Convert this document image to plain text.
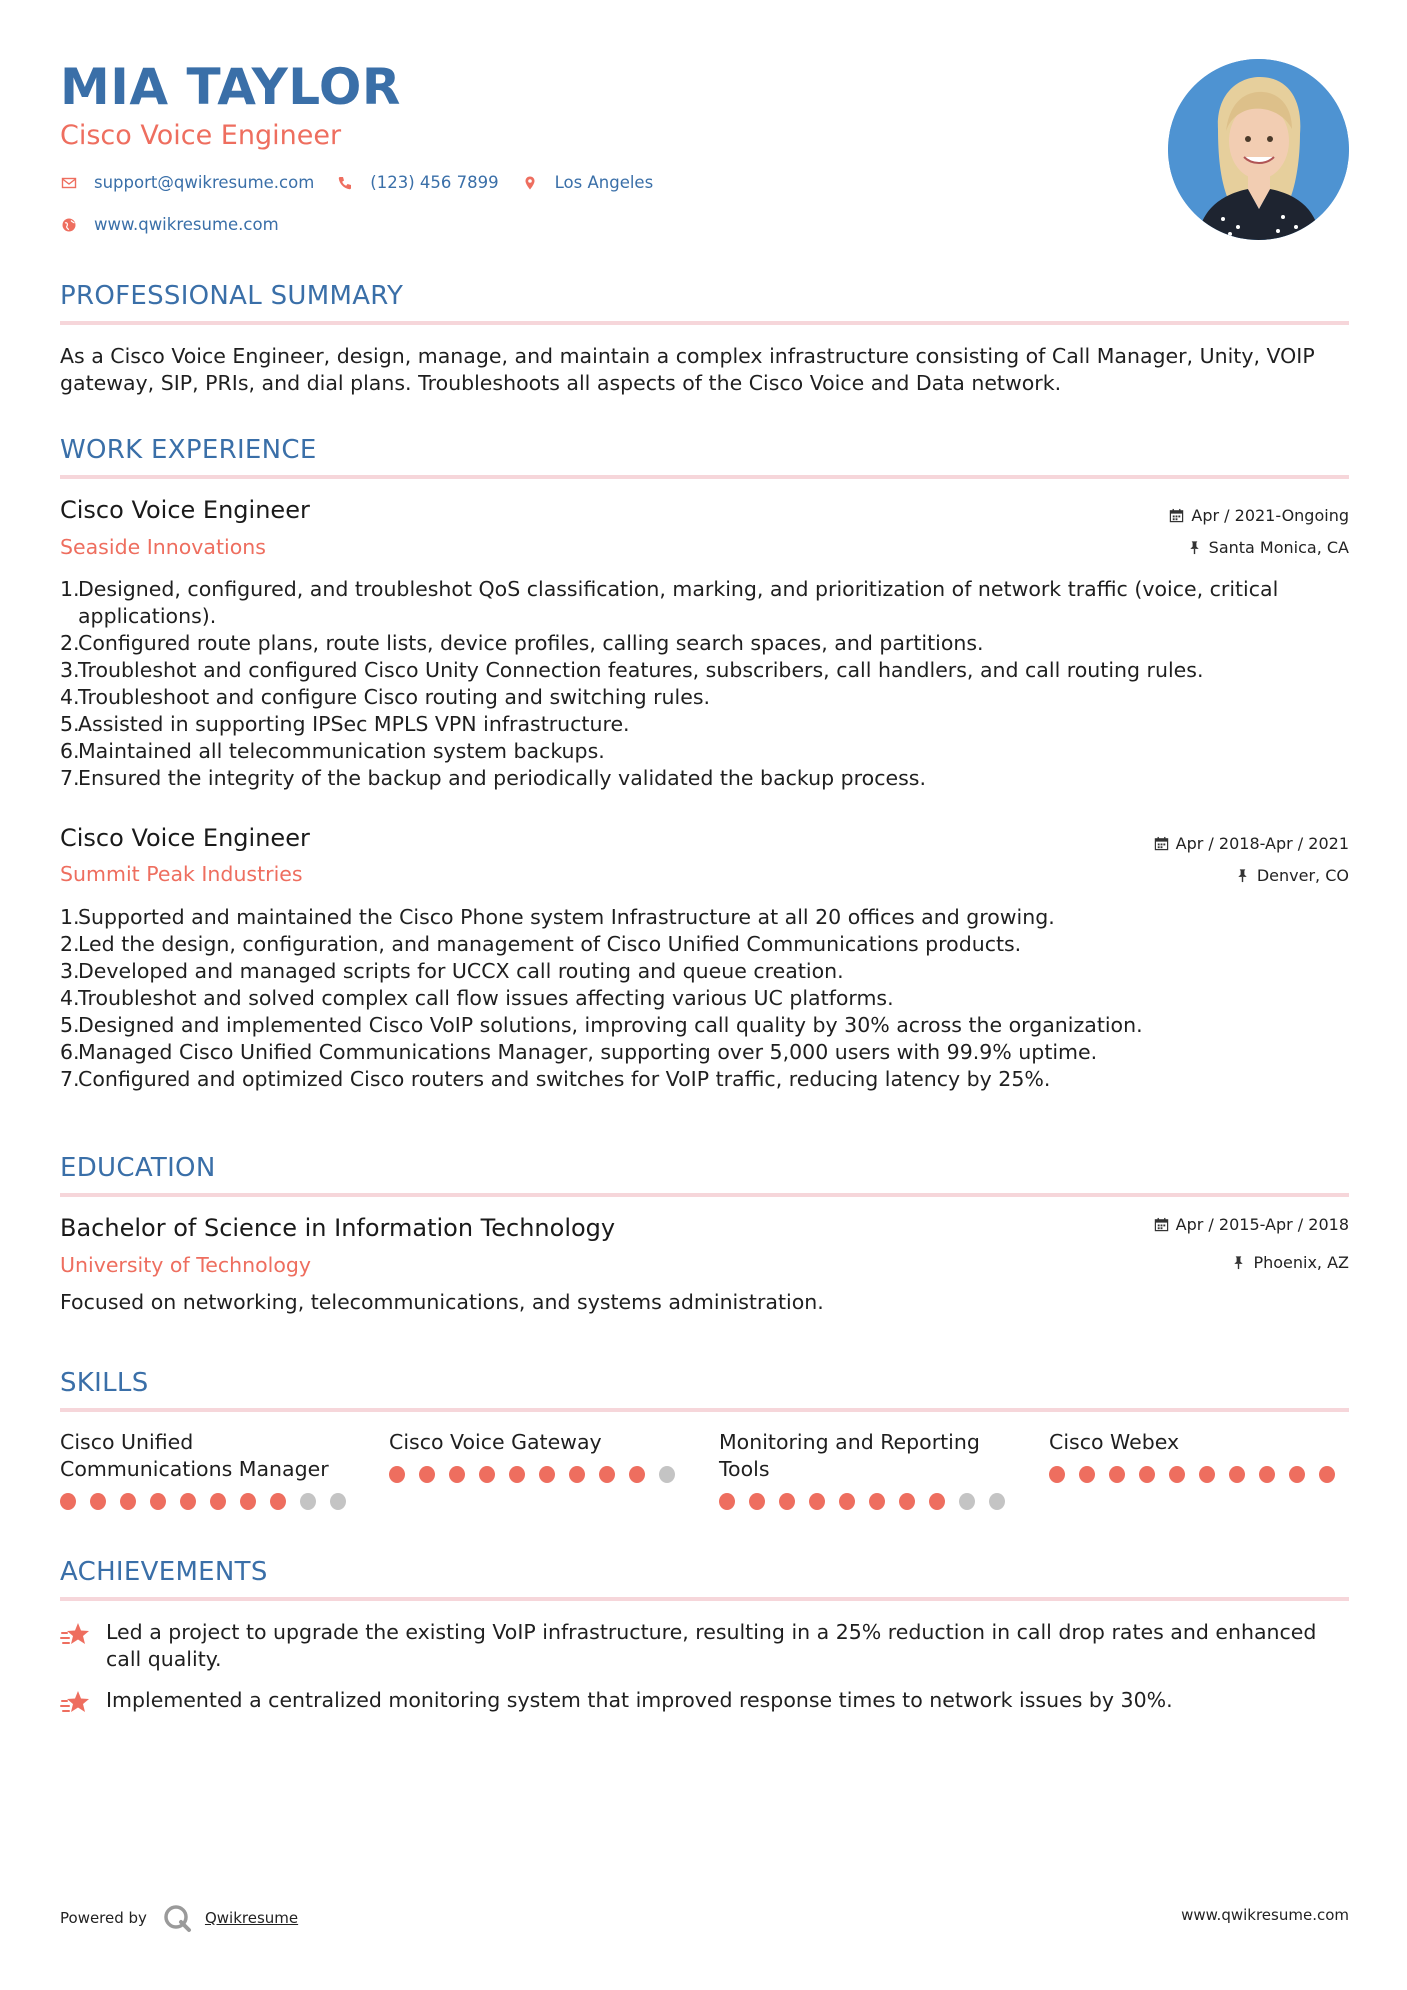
MIA TAYLOR
Cisco Voice Engineer
support@qwikresume.com	(123) 456 7899	Los Angeles
www.qwikresume.com
PROFESSIONAL SUMMARY
As a Cisco Voice Engineer, design, manage, and maintain a complex infrastructure consisting of Call Manager, Unity, VOIP gateway, SIP, PRIs, and dial plans. Troubleshoots all aspects of the Cisco Voice and Data network.
WORK EXPERIENCE
Cisco Voice Engineer
Seaside Innovations
Apr / 2021-Ongoing
Santa Monica, CA
1.
Designed, configured, and troubleshot QoS classification, marking, and prioritization of network traffic (voice, critical applications).
2.
Configured route plans, route lists, device profiles, calling search spaces, and partitions.
3.
Troubleshot and configured Cisco Unity Connection features, subscribers, call handlers, and call routing rules.
4.
Troubleshoot and configure Cisco routing and switching rules.
5.
Assisted in supporting IPSec MPLS VPN infrastructure.
6.
Maintained all telecommunication system backups.
7.
Ensured the integrity of the backup and periodically validated the backup process.
Cisco Voice Engineer
Summit Peak Industries
Apr / 2018-Apr / 2021
Denver, CO
1.
Supported and maintained the Cisco Phone system Infrastructure at all 20 offices and growing.
2.
Led the design, configuration, and management of Cisco Unified Communications products.
3.
Developed and managed scripts for UCCX call routing and queue creation.
4.
Troubleshot and solved complex call flow issues affecting various UC platforms.
5.
Designed and implemented Cisco VoIP solutions, improving call quality by 30% across the organization.
6.
Managed Cisco Unified Communications Manager, supporting over 5,000 users with 99.9% uptime.
7.
Configured and optimized Cisco routers and switches for VoIP traffic, reducing latency by 25%.
EDUCATION
Bachelor of Science in Information Technology
University of Technology
Apr / 2015-Apr / 2018
Phoenix, AZ
Focused on networking, telecommunications, and systems administration.
SKILLS
Cisco Unified Communications Manager
Cisco Voice Gateway	Monitoring and Reporting Tools
Cisco Webex
ACHIEVEMENTS
Led a project to upgrade the existing VoIP infrastructure, resulting in a 25% reduction in call drop rates and enhanced call quality.
Implemented a centralized monitoring system that improved response times to network issues by 30%.
Powered by	Qwikresume	www.qwikresume.com
